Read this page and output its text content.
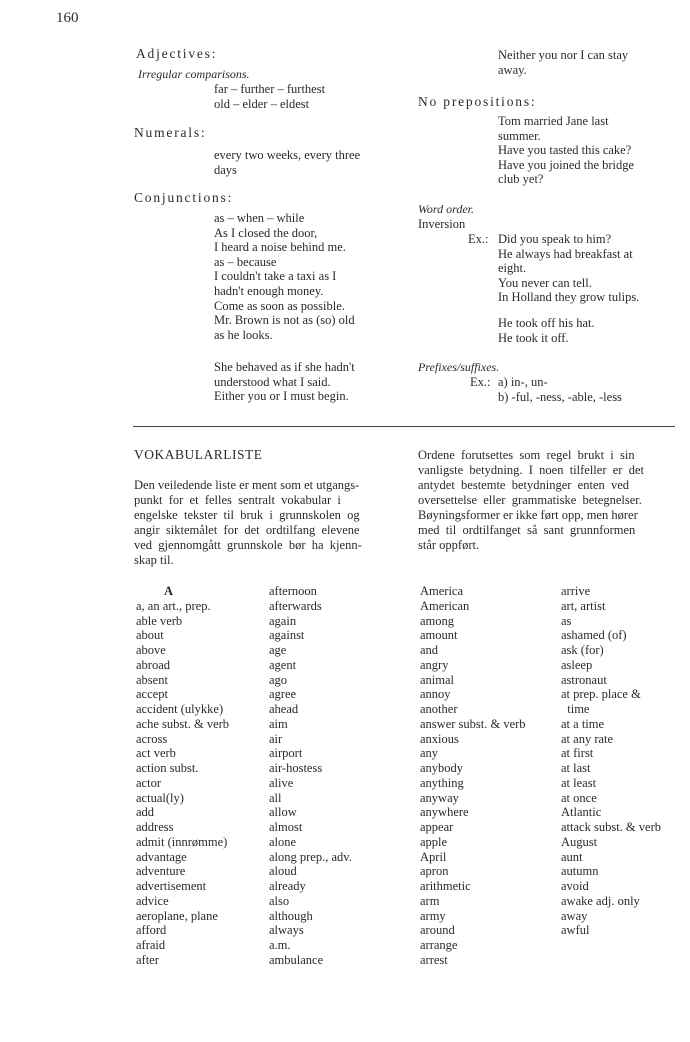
160
Adjectives:
Irregular comparisons.
far – further – furthest
old – elder – eldest
Numerals:
every two weeks, every three
days
Conjunctions:
as – when – while
As I closed the door,
I heard a noise behind me.
as – because
I couldn't take a taxi as I
hadn't enough money.
Come as soon as possible.
Mr. Brown is not as (so) old
as he looks.
She behaved as if she hadn't
understood what I said.
Either you or I must begin.
Neither you nor I can stay
away.
No prepositions:
Tom married Jane last
summer.
Have you tasted this cake?
Have you joined the bridge
club yet?
Word order.
Inversion
Ex.: Did you speak to him?
He always had breakfast at
eight.
You never can tell.
In Holland they grow tulips.
He took off his hat.
He took it off.
Prefixes/suffixes.
Ex.: a) in-, un-
b) -ful, -ness, -able, -less
VOKABULARLISTE
Den veiledende liste er ment som et utgangs-
punkt  for  et  felles  sentralt  vokabular  i
engelske  tekster  til  bruk  i  grunnskolen  og
angir  siktemålet  for  det  ordtilfang  elevene
ved  gjennomgått  grunnskole  bør  ha  kjenn-
skap til.
Ordene  forutsettes  som  regel  brukt  i  sin
vanligste  betydning.  I  noen  tilfeller  er  det
antydet  bestemte  betydninger  enten  ved
oversettelse  eller  grammatiske  betegnelser.
Bøyningsformer er ikke ført opp, men hører
med  til  ordtilfanget  så  sant  grunnformen
står oppført.
A
a, an art., prep.
able verb
about
above
abroad
absent
accept
accident (ulykke)
ache subst. & verb
across
act verb
action subst.
actor
actual(ly)
add
address
admit (innrømme)
advantage
adventure
advertisement
advice
aeroplane, plane
afford
afraid
after
afternoon
afterwards
again
against
age
agent
ago
agree
ahead
aim
air
airport
air-hostess
alive
all
allow
almost
alone
along prep., adv.
aloud
already
also
although
always
a.m.
ambulance
America
American
among
amount
and
angry
animal
annoy
another
answer subst. & verb
anxious
any
anybody
anything
anyway
anywhere
appear
apple
April
apron
arithmetic
arm
army
around
arrange
arrest
arrive
art, artist
as
ashamed (of)
ask (for)
asleep
astronaut
at prep. place &
time
at a time
at any rate
at first
at last
at least
at once
Atlantic
attack subst. & verb
August
aunt
autumn
avoid
awake adj. only
away
awful
